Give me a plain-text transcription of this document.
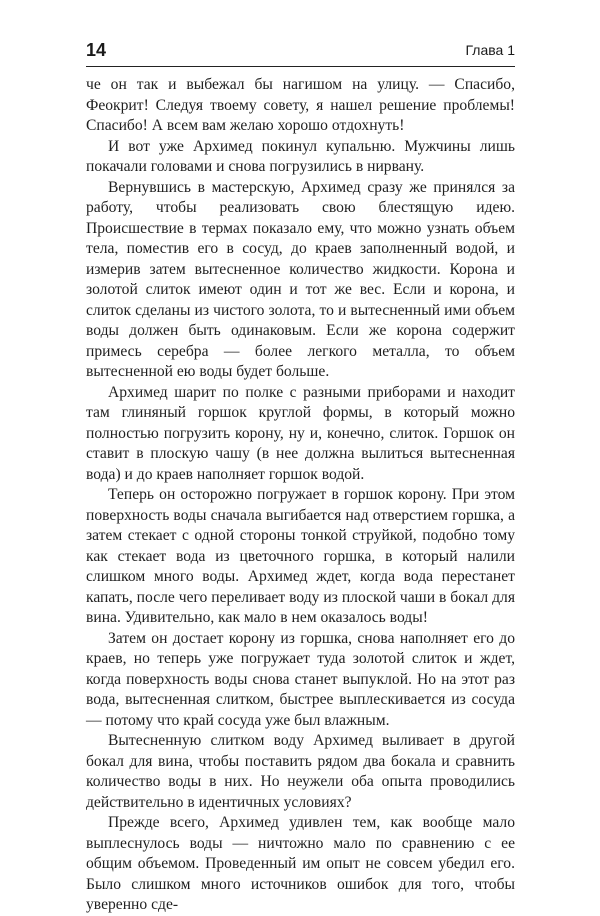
14	Глава 1

че он так и выбежал бы нагишом на улицу. — Спасибо, Феокрит! Следуя твоему совету, я нашел решение проблемы! Спасибо! А всем вам желаю хорошо отдохнуть!

И вот уже Архимед покинул купальню. Мужчины лишь покачали головами и снова погрузились в нирвану.

Вернувшись в мастерскую, Архимед сразу же принялся за работу, чтобы реализовать свою блестящую идею. Происшествие в термах показало ему, что можно узнать объем тела, поместив его в сосуд, до краев заполненный водой, и измерив затем вытесненное количество жидкости. Корона и золотой слиток имеют один и тот же вес. Если и корона, и слиток сделаны из чистого золота, то и вытесненный ими объем воды должен быть одинаковым. Если же корона содержит примесь серебра — более легкого металла, то объем вытесненной ею воды будет больше.

Архимед шарит по полке с разными приборами и находит там глиняный горшок круглой формы, в который можно полностью погрузить корону, ну и, конечно, слиток. Горшок он ставит в плоскую чашу (в нее должна вылиться вытесненная вода) и до краев наполняет горшок водой.

Теперь он осторожно погружает в горшок корону. При этом поверхность воды сначала выгибается над отверстием горшка, а затем стекает с одной стороны тонкой струйкой, подобно тому как стекает вода из цветочного горшка, в который налили слишком много воды. Архимед ждет, когда вода перестанет капать, после чего переливает воду из плоской чаши в бокал для вина. Удивительно, как мало в нем оказалось воды!

Затем он достает корону из горшка, снова наполняет его до краев, но теперь уже погружает туда золотой слиток и ждет, когда поверхность воды снова станет выпуклой. Но на этот раз вода, вытесненная слитком, быстрее выплескивается из сосуда — потому что край сосуда уже был влажным.

Вытесненную слитком воду Архимед выливает в другой бокал для вина, чтобы поставить рядом два бокала и сравнить количество воды в них. Но неужели оба опыта проводились действительно в идентичных условиях?

Прежде всего, Архимед удивлен тем, как вообще мало выплеснулось воды — ничтожно мало по сравнению с ее общим объемом. Проведенный им опыт не совсем убедил его. Было слишком много источников ошибок для того, чтобы уверенно сде-
